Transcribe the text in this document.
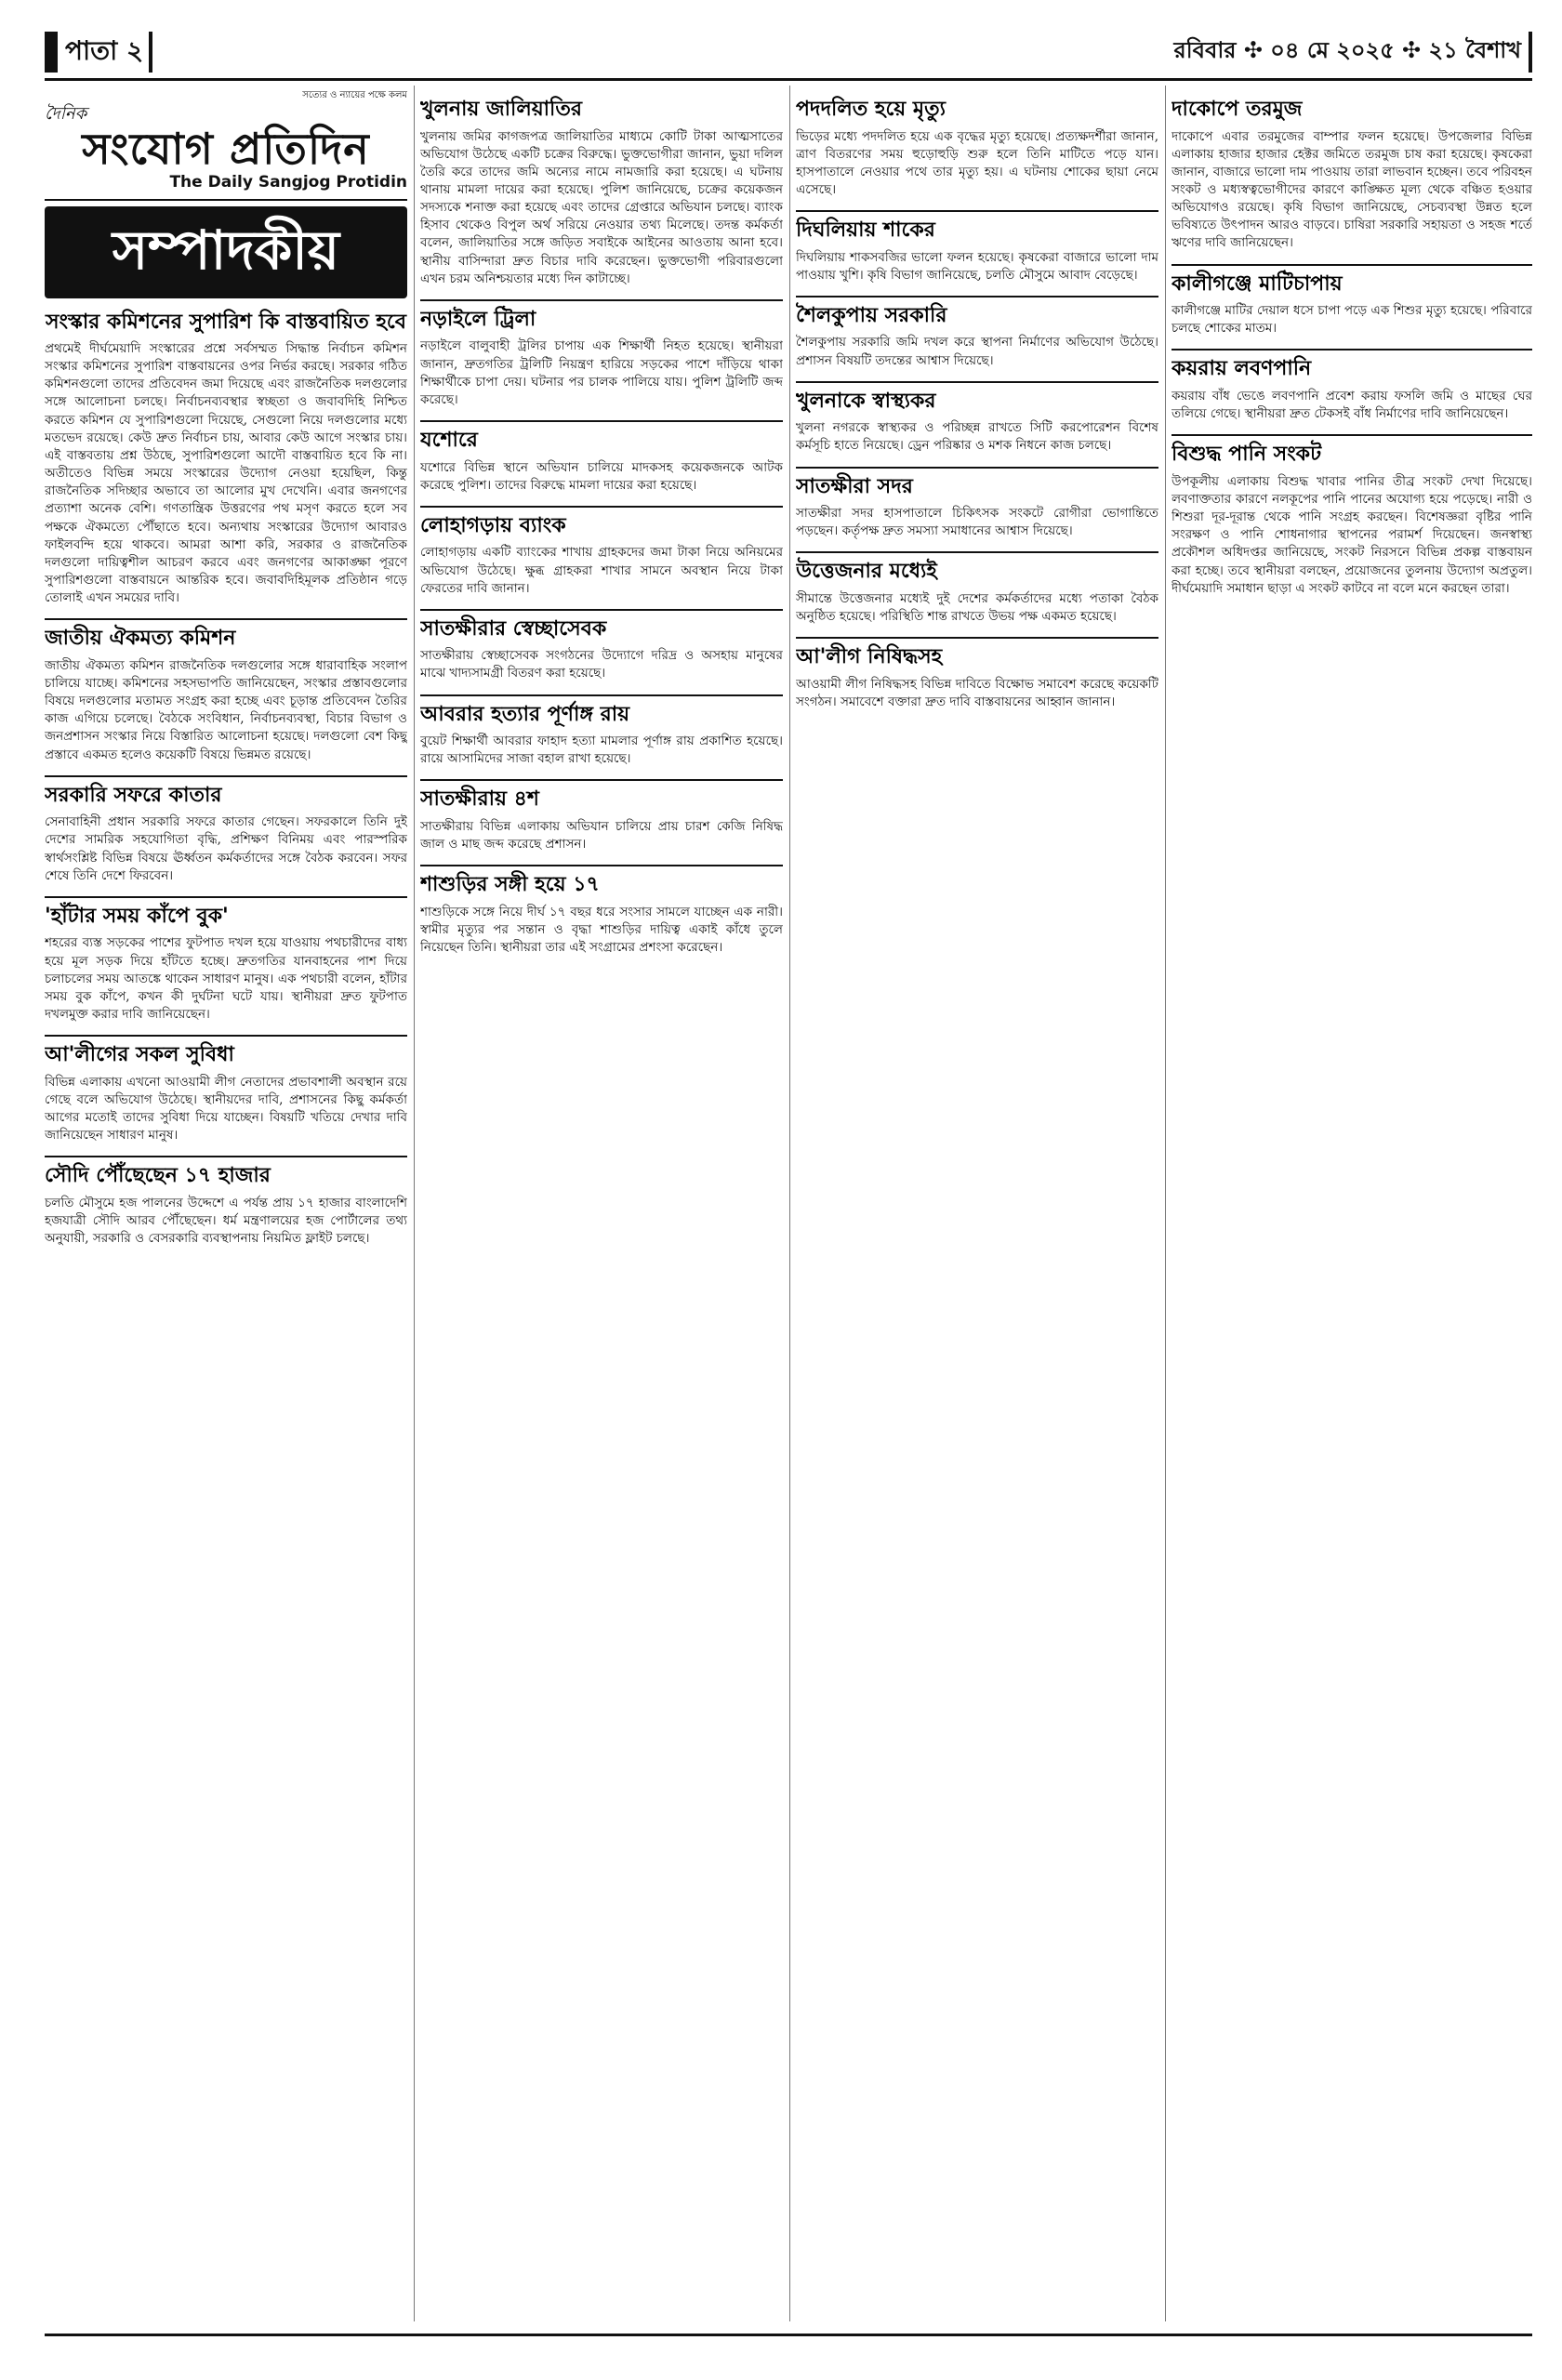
পাতা ২	রবিবার ✣ ০৪ মে ২০২৫ ✣ ২১ বৈশাখ
সত্যের ও ন্যায়ের পক্ষে কলম
দৈনিক
সংযোগ প্রতিদিন
The Daily Sangjog Protidin
সম্পাদকীয়
সংস্কার কমিশনের সুপারিশ কি বাস্তবায়িত হবে
প্রথমেই দীর্ঘমেয়াদি সংস্কারের প্রশ্নে সর্বসম্মত সিদ্ধান্ত নির্বাচন কমিশন সংস্কার কমিশনের সুপারিশ বাস্তবায়নের ওপর নির্ভর করছে। সরকার গঠিত কমিশনগুলো তাদের প্রতিবেদন জমা দিয়েছে এবং রাজনৈতিক দলগুলোর সঙ্গে আলোচনা চলছে। নির্বাচনব্যবস্থার স্বচ্ছতা ও জবাবদিহি নিশ্চিত করতে কমিশন যে সুপারিশগুলো দিয়েছে, সেগুলো নিয়ে দলগুলোর মধ্যে মতভেদ রয়েছে। কেউ দ্রুত নির্বাচন চায়, আবার কেউ আগে সংস্কার চায়। এই বাস্তবতায় প্রশ্ন উঠছে, সুপারিশগুলো আদৌ বাস্তবায়িত হবে কি না। অতীতেও বিভিন্ন সময়ে সংস্কারের উদ্যোগ নেওয়া হয়েছিল, কিন্তু রাজনৈতিক সদিচ্ছার অভাবে তা আলোর মুখ দেখেনি। এবার জনগণের প্রত্যাশা অনেক বেশি। গণতান্ত্রিক উত্তরণের পথ মসৃণ করতে হলে সব পক্ষকে ঐকমত্যে পৌঁছাতে হবে। অন্যথায় সংস্কারের উদ্যোগ আবারও ফাইলবন্দি হয়ে থাকবে। আমরা আশা করি, সরকার ও রাজনৈতিক দলগুলো দায়িত্বশীল আচরণ করবে এবং জনগণের আকাঙ্ক্ষা পূরণে সুপারিশগুলো বাস্তবায়নে আন্তরিক হবে। জবাবদিহিমূলক প্রতিষ্ঠান গড়ে তোলাই এখন সময়ের দাবি।
জাতীয় ঐকমত্য কমিশন
জাতীয় ঐকমত্য কমিশন রাজনৈতিক দলগুলোর সঙ্গে ধারাবাহিক সংলাপ চালিয়ে যাচ্ছে। কমিশনের সহসভাপতি জানিয়েছেন, সংস্কার প্রস্তাবগুলোর বিষয়ে দলগুলোর মতামত সংগ্রহ করা হচ্ছে এবং চূড়ান্ত প্রতিবেদন তৈরির কাজ এগিয়ে চলেছে। বৈঠকে সংবিধান, নির্বাচনব্যবস্থা, বিচার বিভাগ ও জনপ্রশাসন সংস্কার নিয়ে বিস্তারিত আলোচনা হয়েছে। দলগুলো বেশ কিছু প্রস্তাবে একমত হলেও কয়েকটি বিষয়ে ভিন্নমত রয়েছে।
সরকারি সফরে কাতার
সেনাবাহিনী প্রধান সরকারি সফরে কাতার গেছেন। সফরকালে তিনি দুই দেশের সামরিক সহযোগিতা বৃদ্ধি, প্রশিক্ষণ বিনিময় এবং পারস্পরিক স্বার্থসংশ্লিষ্ট বিভিন্ন বিষয়ে ঊর্ধ্বতন কর্মকর্তাদের সঙ্গে বৈঠক করবেন। সফর শেষে তিনি দেশে ফিরবেন।
'হাঁটার সময় কাঁপে বুক'
শহরের ব্যস্ত সড়কের পাশের ফুটপাত দখল হয়ে যাওয়ায় পথচারীদের বাধ্য হয়ে মূল সড়ক দিয়ে হাঁটতে হচ্ছে। দ্রুতগতির যানবাহনের পাশ দিয়ে চলাচলের সময় আতঙ্কে থাকেন সাধারণ মানুষ। এক পথচারী বলেন, হাঁটার সময় বুক কাঁপে, কখন কী দুর্ঘটনা ঘটে যায়। স্থানীয়রা দ্রুত ফুটপাত দখলমুক্ত করার দাবি জানিয়েছেন।
আ'লীগের সকল সুবিধা
বিভিন্ন এলাকায় এখনো আওয়ামী লীগ নেতাদের প্রভাবশালী অবস্থান রয়ে গেছে বলে অভিযোগ উঠেছে। স্থানীয়দের দাবি, প্রশাসনের কিছু কর্মকর্তা আগের মতোই তাদের সুবিধা দিয়ে যাচ্ছেন। বিষয়টি খতিয়ে দেখার দাবি জানিয়েছেন সাধারণ মানুষ।
সৌদি পৌঁছেছেন ১৭ হাজার
চলতি মৌসুমে হজ পালনের উদ্দেশে এ পর্যন্ত প্রায় ১৭ হাজার বাংলাদেশি হজযাত্রী সৌদি আরব পৌঁছেছেন। ধর্ম মন্ত্রণালয়ের হজ পোর্টালের তথ্য অনুযায়ী, সরকারি ও বেসরকারি ব্যবস্থাপনায় নিয়মিত ফ্লাইট চলছে।
খুলনায় জালিয়াতির
খুলনায় জমির কাগজপত্র জালিয়াতির মাধ্যমে কোটি টাকা আত্মসাতের অভিযোগ উঠেছে একটি চক্রের বিরুদ্ধে। ভুক্তভোগীরা জানান, ভুয়া দলিল তৈরি করে তাদের জমি অন্যের নামে নামজারি করা হয়েছে। এ ঘটনায় থানায় মামলা দায়ের করা হয়েছে। পুলিশ জানিয়েছে, চক্রের কয়েকজন সদস্যকে শনাক্ত করা হয়েছে এবং তাদের গ্রেপ্তারে অভিযান চলছে। ব্যাংক হিসাব থেকেও বিপুল অর্থ সরিয়ে নেওয়ার তথ্য মিলেছে। তদন্ত কর্মকর্তা বলেন, জালিয়াতির সঙ্গে জড়িত সবাইকে আইনের আওতায় আনা হবে। স্থানীয় বাসিন্দারা দ্রুত বিচার দাবি করেছেন। ভুক্তভোগী পরিবারগুলো এখন চরম অনিশ্চয়তার মধ্যে দিন কাটাচ্ছে।
নড়াইলে ট্রিলা
নড়াইলে বালুবাহী ট্রলির চাপায় এক শিক্ষার্থী নিহত হয়েছে। স্থানীয়রা জানান, দ্রুতগতির ট্রলিটি নিয়ন্ত্রণ হারিয়ে সড়কের পাশে দাঁড়িয়ে থাকা শিক্ষার্থীকে চাপা দেয়। ঘটনার পর চালক পালিয়ে যায়। পুলিশ ট্রলিটি জব্দ করেছে।
যশোরে
যশোরে বিভিন্ন স্থানে অভিযান চালিয়ে মাদকসহ কয়েকজনকে আটক করেছে পুলিশ। তাদের বিরুদ্ধে মামলা দায়ের করা হয়েছে।
লোহাগড়ায় ব্যাংক
লোহাগড়ায় একটি ব্যাংকের শাখায় গ্রাহকদের জমা টাকা নিয়ে অনিয়মের অভিযোগ উঠেছে। ক্ষুব্ধ গ্রাহকরা শাখার সামনে অবস্থান নিয়ে টাকা ফেরতের দাবি জানান।
সাতক্ষীরার স্বেচ্ছাসেবক
সাতক্ষীরায় স্বেচ্ছাসেবক সংগঠনের উদ্যোগে দরিদ্র ও অসহায় মানুষের মাঝে খাদ্যসামগ্রী বিতরণ করা হয়েছে।
আবরার হত্যার পূর্ণাঙ্গ রায়
বুয়েট শিক্ষার্থী আবরার ফাহাদ হত্যা মামলার পূর্ণাঙ্গ রায় প্রকাশিত হয়েছে। রায়ে আসামিদের সাজা বহাল রাখা হয়েছে।
সাতক্ষীরায় ৪শ
সাতক্ষীরায় বিভিন্ন এলাকায় অভিযান চালিয়ে প্রায় চারশ কেজি নিষিদ্ধ জাল ও মাছ জব্দ করেছে প্রশাসন।
শাশুড়ির সঙ্গী হয়ে ১৭
শাশুড়িকে সঙ্গে নিয়ে দীর্ঘ ১৭ বছর ধরে সংসার সামলে যাচ্ছেন এক নারী। স্বামীর মৃত্যুর পর সন্তান ও বৃদ্ধা শাশুড়ির দায়িত্ব একাই কাঁধে তুলে নিয়েছেন তিনি। স্থানীয়রা তার এই সংগ্রামের প্রশংসা করেছেন।
পদদলিত হয়ে মৃত্যু
ভিড়ের মধ্যে পদদলিত হয়ে এক বৃদ্ধের মৃত্যু হয়েছে। প্রত্যক্ষদর্শীরা জানান, ত্রাণ বিতরণের সময় হুড়োহুড়ি শুরু হলে তিনি মাটিতে পড়ে যান। হাসপাতালে নেওয়ার পথে তার মৃত্যু হয়। এ ঘটনায় শোকের ছায়া নেমে এসেছে।
দিঘলিয়ায় শাকের
দিঘলিয়ায় শাকসবজির ভালো ফলন হয়েছে। কৃষকেরা বাজারে ভালো দাম পাওয়ায় খুশি। কৃষি বিভাগ জানিয়েছে, চলতি মৌসুমে আবাদ বেড়েছে।
শৈলকুপায় সরকারি
শৈলকুপায় সরকারি জমি দখল করে স্থাপনা নির্মাণের অভিযোগ উঠেছে। প্রশাসন বিষয়টি তদন্তের আশ্বাস দিয়েছে।
খুলনাকে স্বাস্থ্যকর
খুলনা নগরকে স্বাস্থ্যকর ও পরিচ্ছন্ন রাখতে সিটি করপোরেশন বিশেষ কর্মসূচি হাতে নিয়েছে। ড্রেন পরিষ্কার ও মশক নিধনে কাজ চলছে।
সাতক্ষীরা সদর
সাতক্ষীরা সদর হাসপাতালে চিকিৎসক সংকটে রোগীরা ভোগান্তিতে পড়ছেন। কর্তৃপক্ষ দ্রুত সমস্যা সমাধানের আশ্বাস দিয়েছে।
উত্তেজনার মধ্যেই
সীমান্তে উত্তেজনার মধ্যেই দুই দেশের কর্মকর্তাদের মধ্যে পতাকা বৈঠক অনুষ্ঠিত হয়েছে। পরিস্থিতি শান্ত রাখতে উভয় পক্ষ একমত হয়েছে।
আ'লীগ নিষিদ্ধসহ
আওয়ামী লীগ নিষিদ্ধসহ বিভিন্ন দাবিতে বিক্ষোভ সমাবেশ করেছে কয়েকটি সংগঠন। সমাবেশে বক্তারা দ্রুত দাবি বাস্তবায়নের আহ্বান জানান।
দাকোপে তরমুজ
দাকোপে এবার তরমুজের বাম্পার ফলন হয়েছে। উপজেলার বিভিন্ন এলাকায় হাজার হাজার হেক্টর জমিতে তরমুজ চাষ করা হয়েছে। কৃষকেরা জানান, বাজারে ভালো দাম পাওয়ায় তারা লাভবান হচ্ছেন। তবে পরিবহন সংকট ও মধ্যস্বত্বভোগীদের কারণে কাঙ্ক্ষিত মূল্য থেকে বঞ্চিত হওয়ার অভিযোগও রয়েছে। কৃষি বিভাগ জানিয়েছে, সেচব্যবস্থা উন্নত হলে ভবিষ্যতে উৎপাদন আরও বাড়বে। চাষিরা সরকারি সহায়তা ও সহজ শর্তে ঋণের দাবি জানিয়েছেন।
কালীগঞ্জে মাটিচাপায়
কালীগঞ্জে মাটির দেয়াল ধসে চাপা পড়ে এক শিশুর মৃত্যু হয়েছে। পরিবারে চলছে শোকের মাতম।
কয়রায় লবণপানি
কয়রায় বাঁধ ভেঙে লবণপানি প্রবেশ করায় ফসলি জমি ও মাছের ঘের তলিয়ে গেছে। স্থানীয়রা দ্রুত টেকসই বাঁধ নির্মাণের দাবি জানিয়েছেন।
বিশুদ্ধ পানি সংকট
উপকূলীয় এলাকায় বিশুদ্ধ খাবার পানির তীব্র সংকট দেখা দিয়েছে। লবণাক্ততার কারণে নলকূপের পানি পানের অযোগ্য হয়ে পড়েছে। নারী ও শিশুরা দূর-দূরান্ত থেকে পানি সংগ্রহ করছেন। বিশেষজ্ঞরা বৃষ্টির পানি সংরক্ষণ ও পানি শোধনাগার স্থাপনের পরামর্শ দিয়েছেন। জনস্বাস্থ্য প্রকৌশল অধিদপ্তর জানিয়েছে, সংকট নিরসনে বিভিন্ন প্রকল্প বাস্তবায়ন করা হচ্ছে। তবে স্থানীয়রা বলছেন, প্রয়োজনের তুলনায় উদ্যোগ অপ্রতুল। দীর্ঘমেয়াদি সমাধান ছাড়া এ সংকট কাটবে না বলে মনে করছেন তারা।
